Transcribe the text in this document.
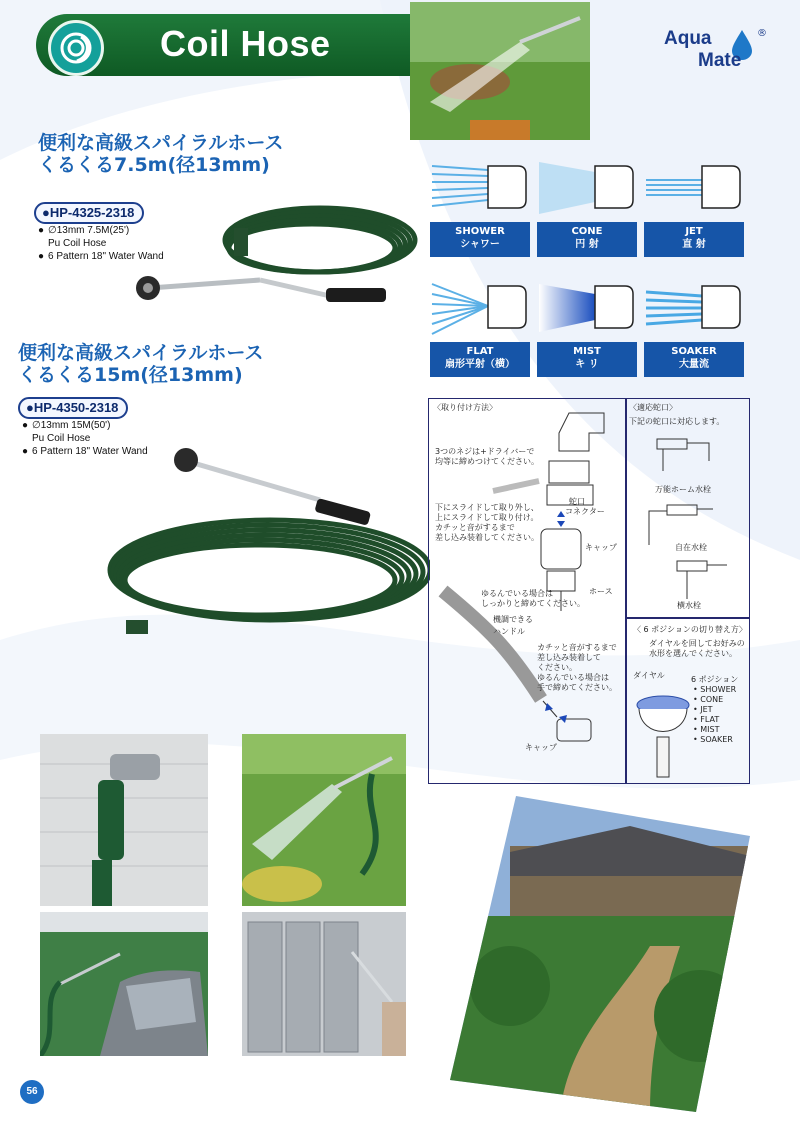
Coil Hose	Aqua	®
Mate
便利な高級スパイラルホース
くるくる7.5m(径13mm)
●HP-4325-2318
● ∅13mm 7.5M(25')
Pu Coil Hose
● 6 Pattern 18" Water Wand
便利な高級スパイラルホース
くるくる15m(径13mm)
●HP-4350-2318
● ∅13mm 15M(50')
Pu Coil Hose
● 6 Pattern 18" Water Wand
SHOWER
シャワー
CONE
円 射
JET
直 射
FLAT
扇形平射（横）
MIST
キ リ
SOAKER
大量流
〈取り付け方法〉
3つのネジは+ドライバーで
均等に締めつけてください。
蛇口
コネクター
下にスライドして取り外し、
上にスライドして取り付け。
カチッと音がするまで
差し込み装着してください。
キャップ
ホース
ゆるんでいる場合は
しっかりと締めてください。
機調できる
ハンドル
カチッと音がするまで
差し込み装着して
ください。
ゆるんでいる場合は
手で締めてください。
キャップ
〈適応蛇口〉
下記の蛇口に対応します。
万能ホーム水栓
自在水栓
横水栓
〈 6 ポジションの切り替え方〉
ダイヤルを回してお好みの
水形を選んでください。
ダイヤル	6 ポジション
• SHOWER
• CONE
• JET
• FLAT
• MIST
• SOAKER
56
